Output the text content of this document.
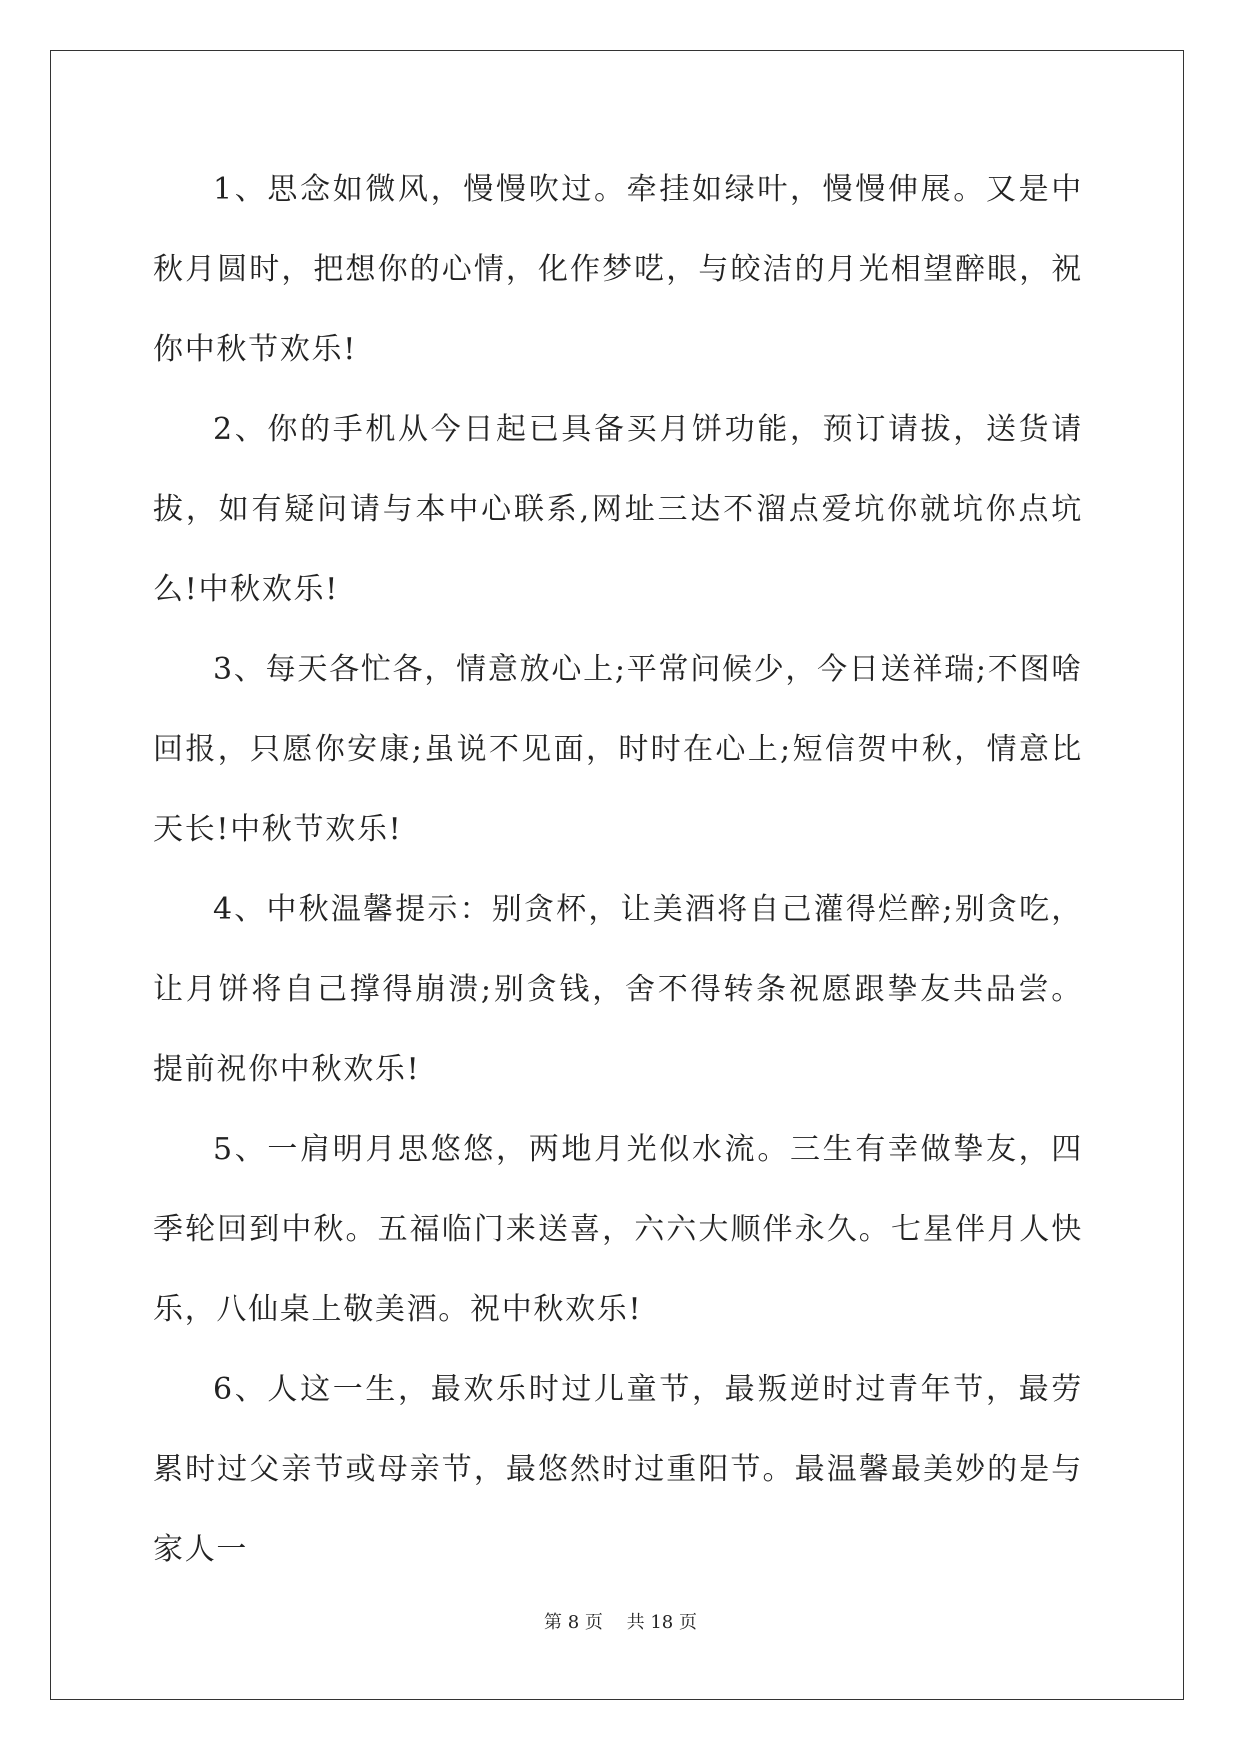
1、思念如微风，慢慢吹过。牵挂如绿叶，慢慢伸展。又是中秋月圆时，把想你的心情，化作梦呓，与皎洁的月光相望醉眼，祝你中秋节欢乐!

2、你的手机从今日起已具备买月饼功能，预订请拔，送货请拔，如有疑问请与本中心联系,网址三达不溜点爱坑你就坑你点坑么!中秋欢乐!

3、每天各忙各，情意放心上;平常问候少，今日送祥瑞;不图啥回报，只愿你安康;虽说不见面，时时在心上;短信贺中秋，情意比天长!中秋节欢乐!

4、中秋温馨提示：别贪杯，让美酒将自己灌得烂醉;别贪吃，让月饼将自己撑得崩溃;别贪钱，舍不得转条祝愿跟挚友共品尝。提前祝你中秋欢乐!

5、一肩明月思悠悠，两地月光似水流。三生有幸做挚友，四季轮回到中秋。五福临门来送喜，六六大顺伴永久。七星伴月人快乐，八仙桌上敬美酒。祝中秋欢乐!

6、人这一生，最欢乐时过儿童节，最叛逆时过青年节，最劳累时过父亲节或母亲节，最悠然时过重阳节。最温馨最美妙的是与家人一

第 8 页　 共 18 页
